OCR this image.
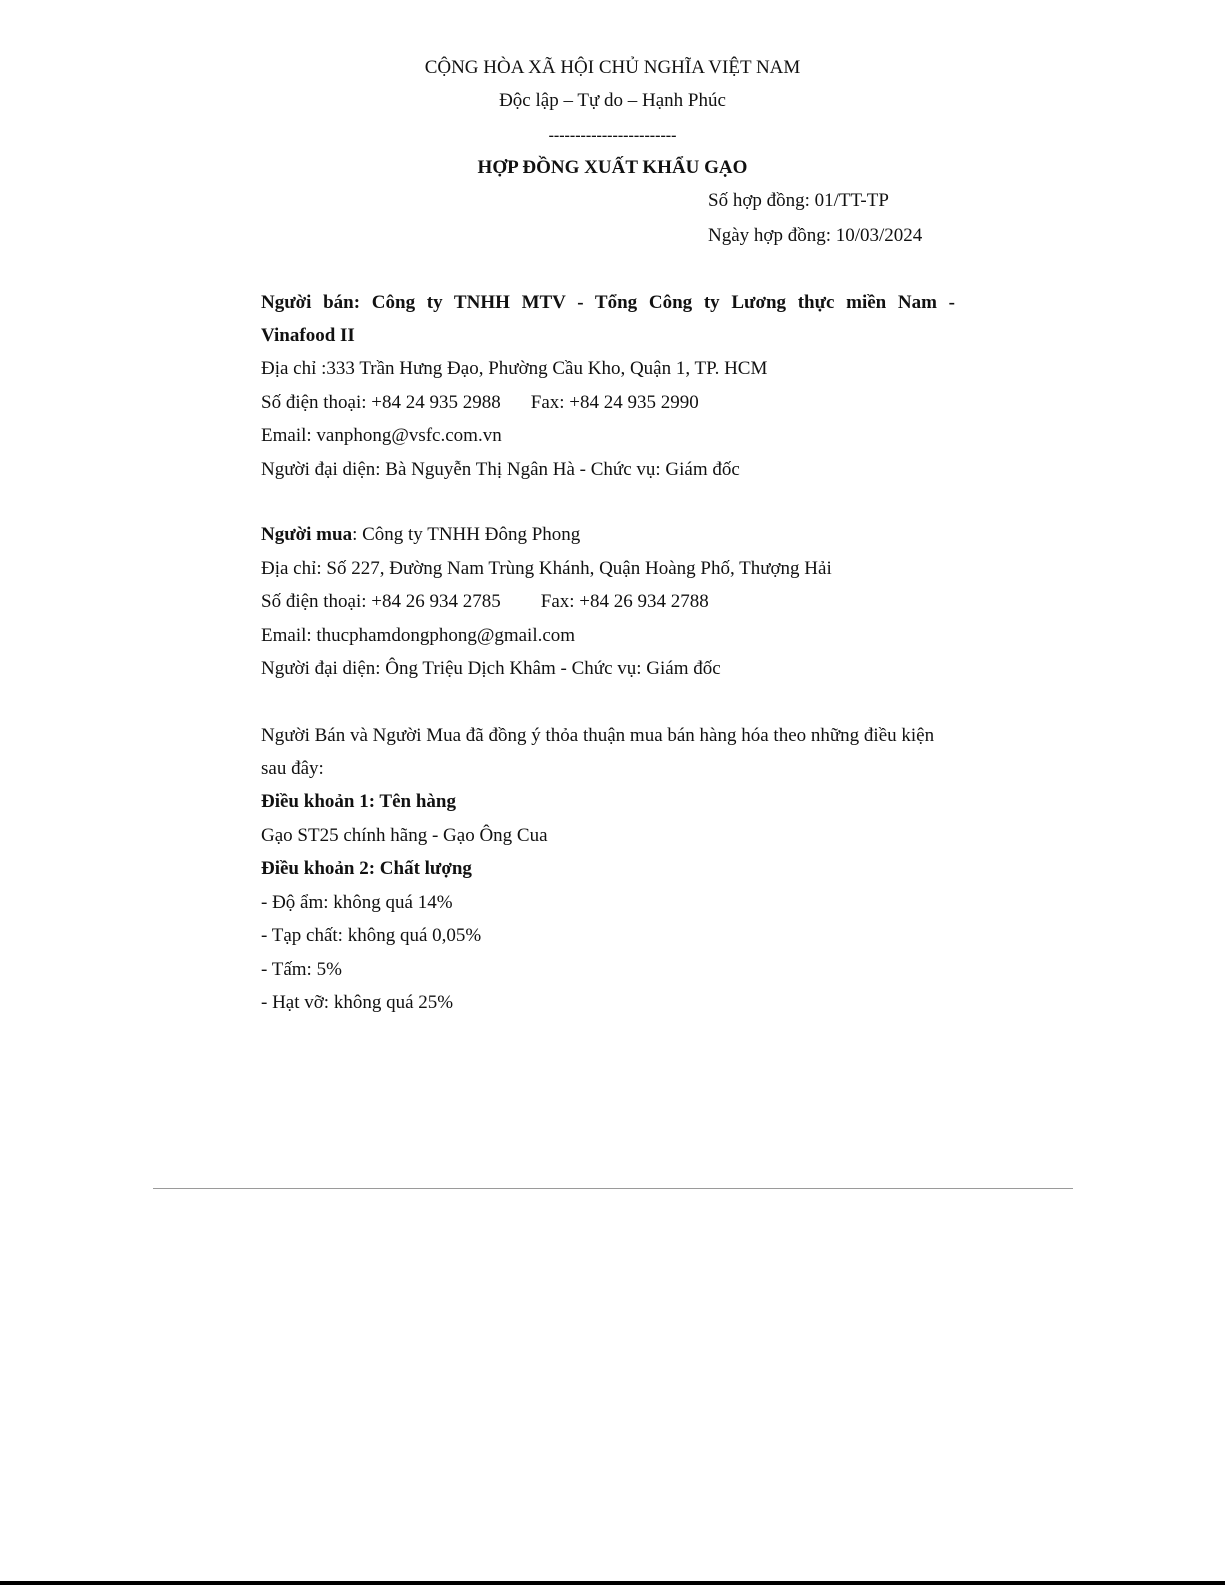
CỘNG HÒA XÃ HỘI CHỦ NGHĨA VIỆT NAM
Độc lập – Tự do – Hạnh Phúc
------------------------
HỢP ĐỒNG XUẤT KHẨU GẠO
Số hợp đồng: 01/TT-TP
Ngày hợp đồng: 10/03/2024
Người bán: Công ty TNHH MTV - Tổng Công ty Lương thực miền Nam -
Vinafood II
Địa chỉ :333 Trần Hưng Đạo, Phường Cầu Kho, Quận 1, TP. HCM
Số điện thoại: +84 24 935 2988 Fax: +84 24 935 2990
Email: vanphong@vsfc.com.vn
Người đại diện: Bà Nguyễn Thị Ngân Hà - Chức vụ: Giám đốc
Người mua: Công ty TNHH Đông Phong
Địa chỉ: Số 227, Đường Nam Trùng Khánh, Quận Hoàng Phố, Thượng Hải
Số điện thoại: +84 26 934 2785 Fax: +84 26 934 2788
Email: thucphamdongphong@gmail.com
Người đại diện: Ông Triệu Dịch Khâm - Chức vụ: Giám đốc
Người Bán và Người Mua đã đồng ý thỏa thuận mua bán hàng hóa theo những điều kiện
sau đây:
Điều khoản 1: Tên hàng
Gạo ST25 chính hãng - Gạo Ông Cua
Điều khoản 2: Chất lượng
- Độ ẩm: không quá 14%
- Tạp chất: không quá 0,05%
- Tấm: 5%
- Hạt vỡ: không quá 25%
